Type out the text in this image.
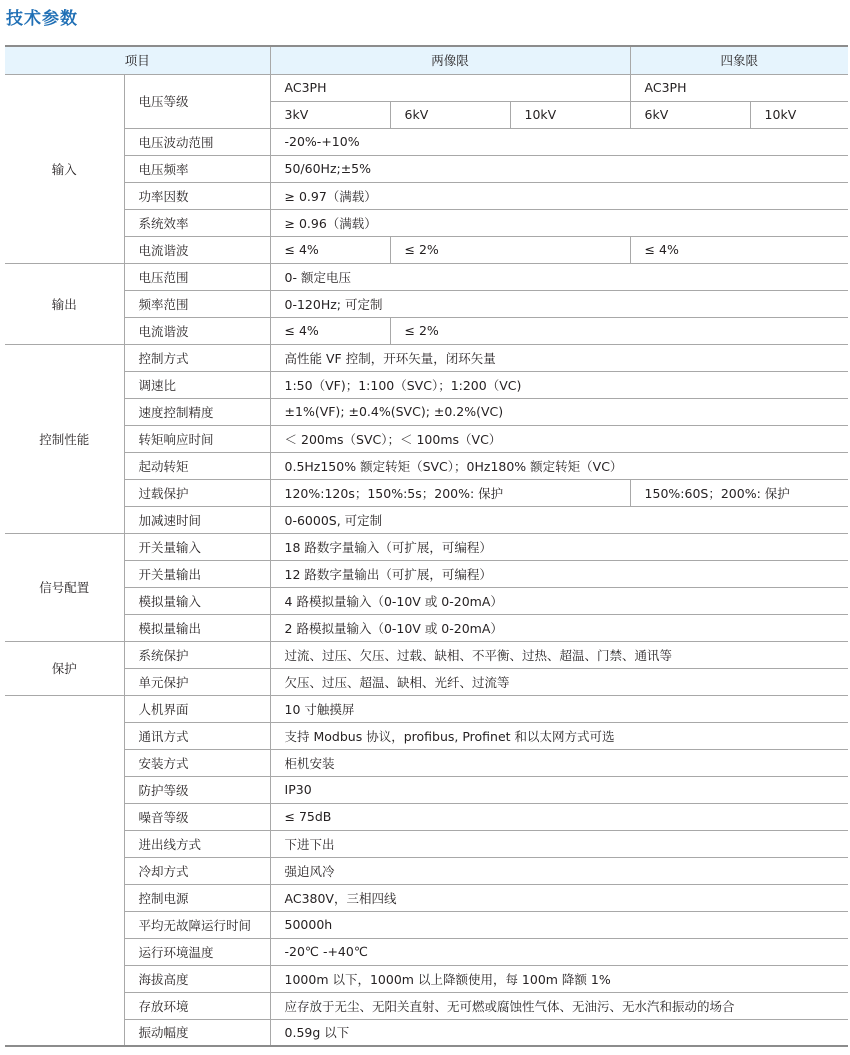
技术参数
项目		两像限			四象限	
输入	电压等级	AC3PH			AC3PH	
		3kV	6kV	10kV	6kV	10kV
	电压波动范围	-20%-+10%				
	电压频率	50/60Hz;±5%				
	功率因数	≥ 0.97（满载）				
	系统效率	≥ 0.96（满载）				
	电流谐波	≤ 4%	≤ 2%		≤ 4%	
输出	电压范围	0- 额定电压				
	频率范围	0-120Hz; 可定制				
	电流谐波	≤ 4%	≤ 2%			
控制性能	控制方式	高性能 VF 控制，开环矢量，闭环矢量				
	调速比	1:50（VF)；1:100（SVC）；1:200（VC)				
	速度控制精度	±1%(VF); ±0.4%(SVC); ±0.2%(VC)				
	转矩响应时间	＜ 200ms（SVC）；＜ 100ms（VC）				
	起动转矩	0.5Hz150% 额定转矩（SVC）；0Hz180% 额定转矩（VC）				
	过载保护	120%:120s；150%:5s；200%: 保护			150%:60S；200%: 保护	
	加减速时间	0-6000S, 可定制				
信号配置	开关量输入	18 路数字量输入（可扩展，可编程）				
	开关量输出	12 路数字量输出（可扩展，可编程）				
	模拟量输入	4 路模拟量输入（0-10V 或 0-20mA）				
	模拟量输出	2 路模拟量输入（0-10V 或 0-20mA）				
保护	系统保护	过流、过压、欠压、过载、缺相、不平衡、过热、超温、门禁、通讯等				
	单元保护	欠压、过压、超温、缺相、光纤、过流等				
	人机界面	10 寸触摸屏				
	通讯方式	支持 Modbus 协议，profibus, Profinet 和以太网方式可选				
	安装方式	柜机安装				
	防护等级	IP30				
	噪音等级	≤ 75dB				
	进出线方式	下进下出				
	冷却方式	强迫风冷				
	控制电源	AC380V，三相四线				
	平均无故障运行时间	50000h				
	运行环境温度	-20℃ -+40℃				
	海拔高度	1000m 以下，1000m 以上降额使用，每 100m 降额 1%				
	存放环境	应存放于无尘、无阳关直射、无可燃或腐蚀性气体、无油污、无水汽和振动的场合				
	振动幅度	0.59g 以下				
